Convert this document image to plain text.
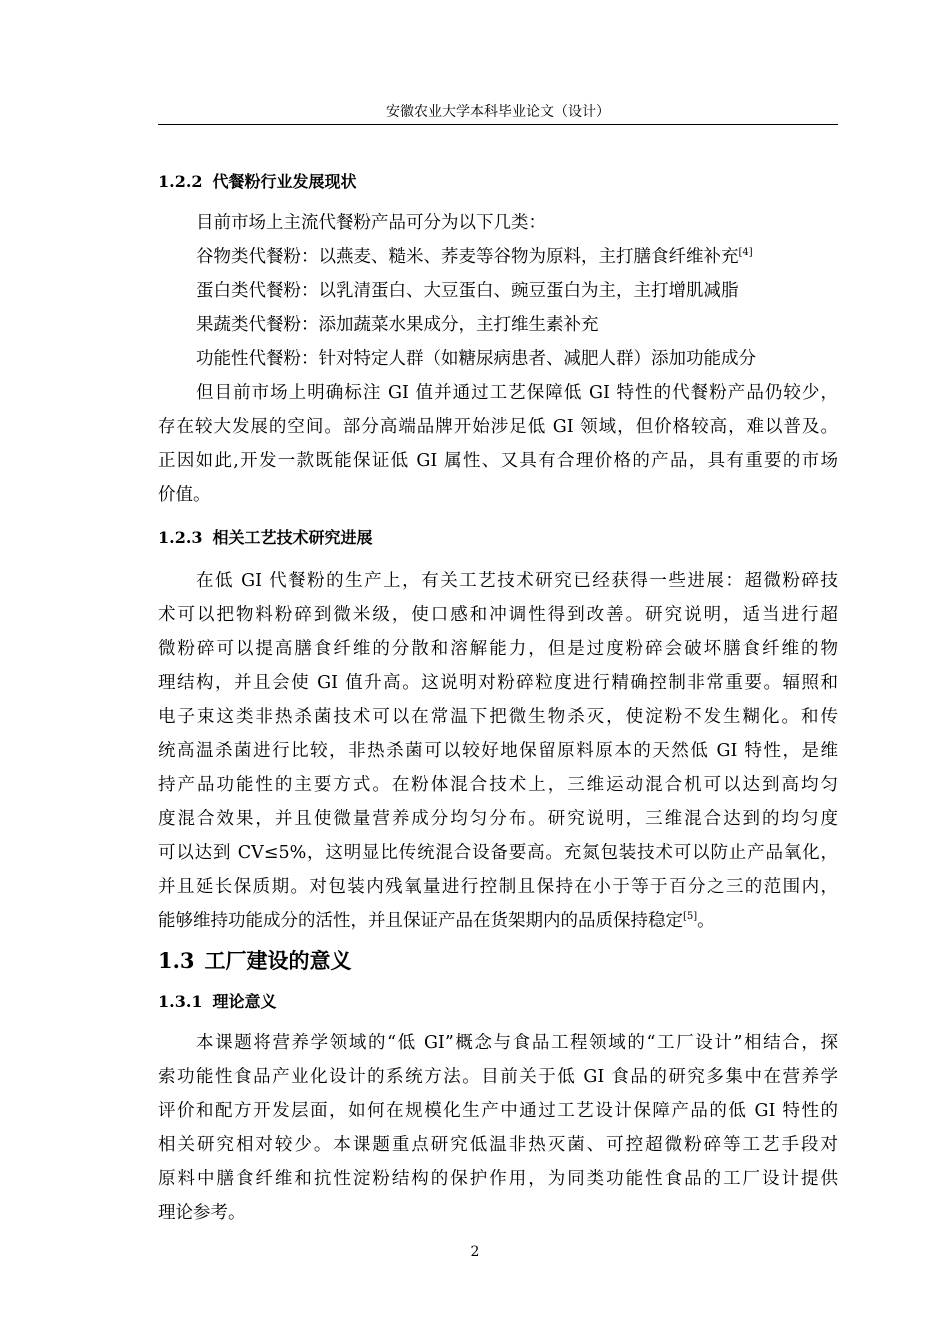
安徽农业大学本科毕业论文（设计）
1.2.2 代餐粉行业发展现状
目前市场上主流代餐粉产品可分为以下几类：
谷物类代餐粉：以燕麦、糙米、荞麦等谷物为原料，主打膳食纤维补充[4]
蛋白类代餐粉：以乳清蛋白、大豆蛋白、豌豆蛋白为主，主打增肌减脂
果蔬类代餐粉：添加蔬菜水果成分，主打维生素补充
功能性代餐粉：针对特定人群（如糖尿病患者、减肥人群）添加功能成分
但目前市场上明确标注 GI 值并通过工艺保障低 GI 特性的代餐粉产品仍较少，
存在较大发展的空间。部分高端品牌开始涉足低 GI 领域，但价格较高，难以普及。
正因如此,开发一款既能保证低 GI 属性、又具有合理价格的产品，具有重要的市场
价值。
1.2.3 相关工艺技术研究进展
在低 GI 代餐粉的生产上，有关工艺技术研究已经获得一些进展：超微粉碎技
术可以把物料粉碎到微米级，使口感和冲调性得到改善。研究说明，适当进行超
微粉碎可以提高膳食纤维的分散和溶解能力，但是过度粉碎会破坏膳食纤维的物
理结构，并且会使 GI 值升高。这说明对粉碎粒度进行精确控制非常重要。辐照和
电子束这类非热杀菌技术可以在常温下把微生物杀灭，使淀粉不发生糊化。和传
统高温杀菌进行比较，非热杀菌可以较好地保留原料原本的天然低 GI 特性，是维
持产品功能性的主要方式。在粉体混合技术上，三维运动混合机可以达到高均匀
度混合效果，并且使微量营养成分均匀分布。研究说明，三维混合达到的均匀度
可以达到 CV≤5%，这明显比传统混合设备要高。充氮包装技术可以防止产品氧化，
并且延长保质期。对包装内残氧量进行控制且保持在小于等于百分之三的范围内，
能够维持功能成分的活性，并且保证产品在货架期内的品质保持稳定[5]。
1.3 工厂建设的意义
1.3.1 理论意义
本课题将营养学领域的“低 GI”概念与食品工程领域的“工厂设计”相结合，探
索功能性食品产业化设计的系统方法。目前关于低 GI 食品的研究多集中在营养学
评价和配方开发层面，如何在规模化生产中通过工艺设计保障产品的低 GI 特性的
相关研究相对较少。本课题重点研究低温非热灭菌、可控超微粉碎等工艺手段对
原料中膳食纤维和抗性淀粉结构的保护作用，为同类功能性食品的工厂设计提供
理论参考。
2
